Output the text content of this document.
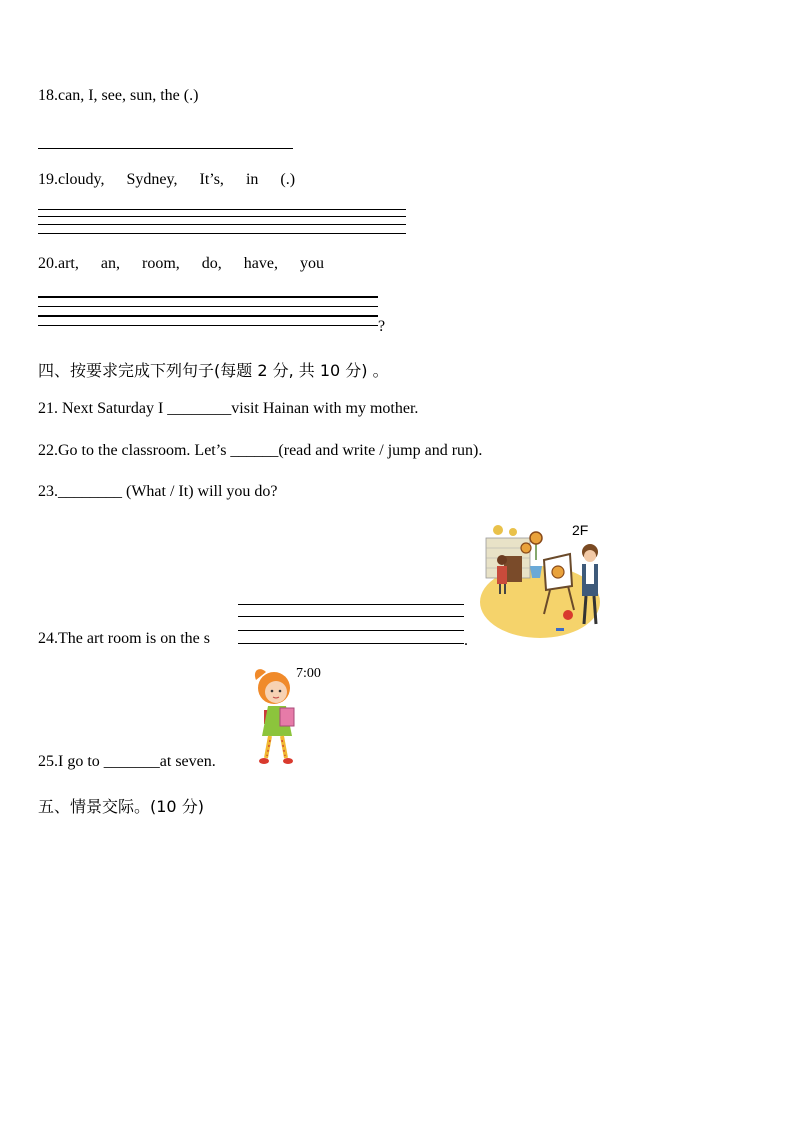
18.can, I, see, sun, the (.)
19.cloudy, Sydney, It’s, in (.)
20.art, an, room, do, have, you
?
四、按要求完成下列句子(每题 2 分, 共 10 分) 。
21. Next Saturday I ________visit Hainan with my mother.
22.Go to the classroom. Let’s ______(read and write / jump and run).
23.________ (What / It) will you do?
2F
24.The art room is on the s	.
7:00
25.I go to _______at seven.
五、情景交际。(10 分)
